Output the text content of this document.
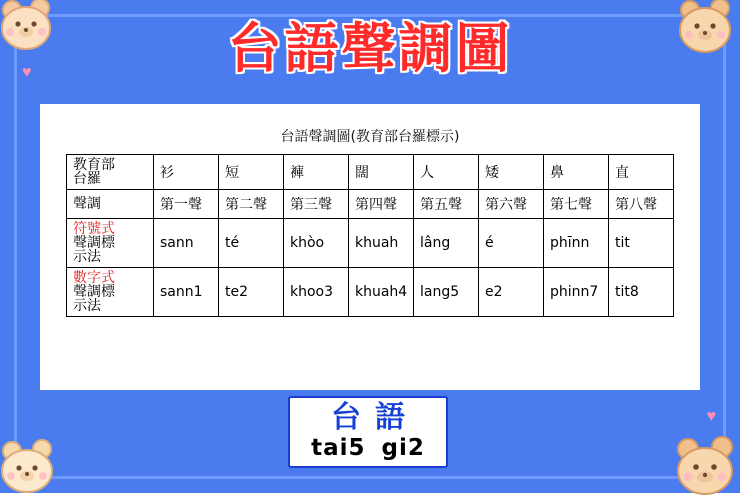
♥
♥
台語聲調圖
台語聲調圖(教育部台羅標示)
教育部
台羅	衫	短	褲	闊	人	矮	鼻	直
聲調	第一聲	第二聲	第三聲	第四聲	第五聲	第六聲	第七聲	第八聲

符號式
聲調標
示法	sann	té	khòo	khuah	lâng	é	phīnn	tit

數字式
聲調標
示法	sann1	te2	khoo3	khuah4	lang5	e2	phinn7	tit8
台語
tai5 gi2
